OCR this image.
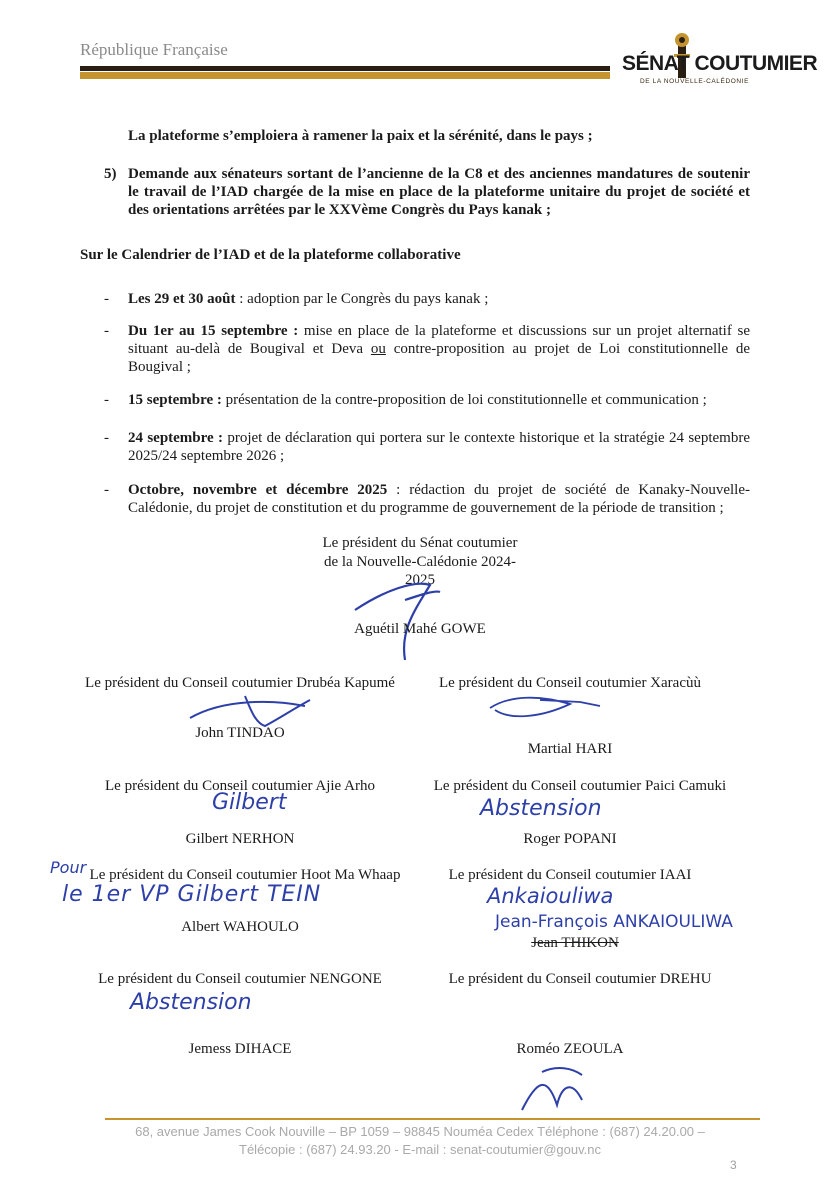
République Française
SÉNAT COUTUMIER
DE LA NOUVELLE-CALÉDONIE
La plateforme s’emploiera à ramener la paix et la sérénité, dans le pays ;
5) Demande aux sénateurs sortant de l’ancienne de la C8 et des anciennes mandatures de soutenir le travail de l’IAD chargée de la mise en place de la plateforme unitaire du projet de société et des orientations arrêtées par le XXVème Congrès du Pays kanak ;
Sur le Calendrier de l’IAD et de la plateforme collaborative
- Les 29 et 30 août : adoption par le Congrès du pays kanak ;
- Du 1er au 15 septembre : mise en place de la plateforme et discussions sur un projet alternatif se situant au-delà de Bougival et Deva ou contre-proposition au projet de Loi constitutionnelle de Bougival ;
- 15 septembre : présentation de la contre-proposition de loi constitutionnelle et communication ;
- 24 septembre : projet de déclaration qui portera sur le contexte historique et la stratégie 24 septembre 2025/24 septembre 2026 ;
- Octobre, novembre et décembre 2025 : rédaction du projet de société de Kanaky-Nouvelle-Calédonie, du projet de constitution et du programme de gouvernement de la période de transition ;
Le président du Sénat coutumier
de la Nouvelle-Calédonie 2024-
2025
Aguétil Mahé GOWE
Le président du Conseil coutumier Drubéa Kapumé
John TINDAO
Le président du Conseil coutumier Xaracùù
Martial HARI
Le président du Conseil coutumier Ajie Arho
Gilbert
Gilbert NERHON
Le président du Conseil coutumier Paici Camuki
Abstension
Roger POPANI
Pour Le président du Conseil coutumier Hoot Ma Whaap
le 1er VP Gilbert TEIN
Albert WAHOULO
Le président du Conseil coutumier IAAI
Ankaiouliwa
Jean-François ANKAIOULIWA
Jean THIKON
Le président du Conseil coutumier NENGONE
Abstension
Jemess DIHACE
Le président du Conseil coutumier DREHU
Roméo ZEOULA
68, avenue James Cook Nouville – BP 1059 – 98845 Nouméa Cedex Téléphone : (687) 24.20.00 –
Télécopie : (687) 24.93.20 - E-mail : senat-coutumier@gouv.nc
3
